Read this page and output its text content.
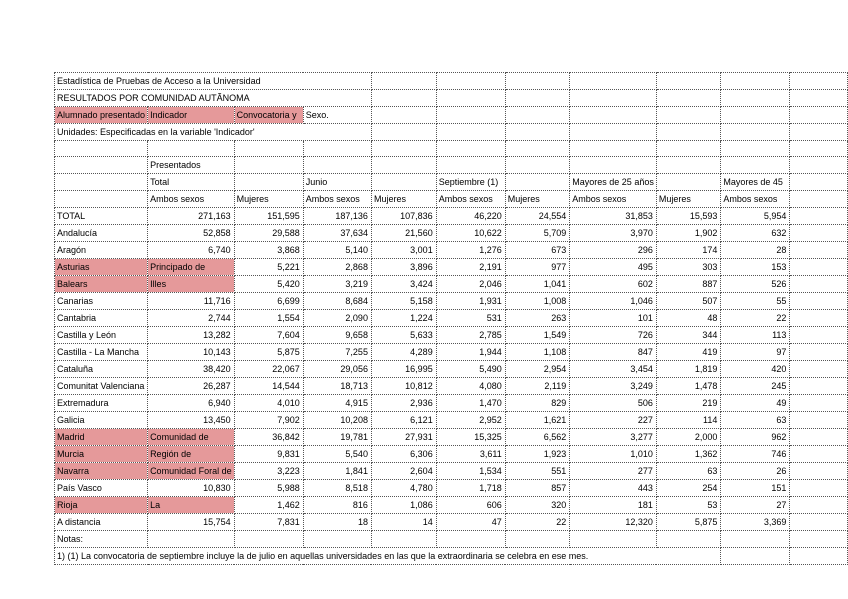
Estadística de Pruebas de Acceso a la Universidad										
RESULTADOS POR COMUNIDAD AUTÃNOMA										
Alumnado presentado	Indicador	Convocatoria y	Sexo.							
Unidades: Especificadas en la variable 'Indicador'										

	Presentados									
	Total		Junio		Septiembre (1)		Mayores de 25 años		Mayores de 45	
	Ambos sexos	Mujeres	Ambos sexos	Mujeres	Ambos sexos	Mujeres	Ambos sexos	Mujeres	Ambos sexos	
TOTAL	271,163	151,595	187,136	107,836	46,220	24,554	31,853	15,593	5,954	
Andalucía	52,858	29,588	37,634	21,560	10,622	5,709	3,970	1,902	632	
Aragón	6,740	3,868	5,140	3,001	1,276	673	296	174	28	
Asturias	Principado de	5,221	2,868	3,896	2,191	977	495	303	153	
Balears	Illes	5,420	3,219	3,424	2,046	1,041	602	887	526	
Canarias	11,716	6,699	8,684	5,158	1,931	1,008	1,046	507	55	
Cantabria	2,744	1,554	2,090	1,224	531	263	101	48	22	
Castilla y León	13,282	7,604	9,658	5,633	2,785	1,549	726	344	113	
Castilla - La Mancha	10,143	5,875	7,255	4,289	1,944	1,108	847	419	97	
Cataluña	38,420	22,067	29,056	16,995	5,490	2,954	3,454	1,819	420	
Comunitat Valenciana	26,287	14,544	18,713	10,812	4,080	2,119	3,249	1,478	245	
Extremadura	6,940	4,010	4,915	2,936	1,470	829	506	219	49	
Galicia	13,450	7,902	10,208	6,121	2,952	1,621	227	114	63	
Madrid	Comunidad de	36,842	19,781	27,931	15,325	6,562	3,277	2,000	962	
Murcia	Región de	9,831	5,540	6,306	3,611	1,923	1,010	1,362	746	
Navarra	Comunidad Foral de	3,223	1,841	2,604	1,534	551	277	63	26	
País Vasco	10,830	5,988	8,518	4,780	1,718	857	443	254	151	
Rioja	La	1,462	816	1,086	606	320	181	53	27	
A distancia	15,754	7,831	18	14	47	22	12,320	5,875	3,369	
Notas:										
1) (1) La convocatoria de septiembre incluye la de julio en aquellas universidades en las que la extraordinaria se celebra en ese mes.										
